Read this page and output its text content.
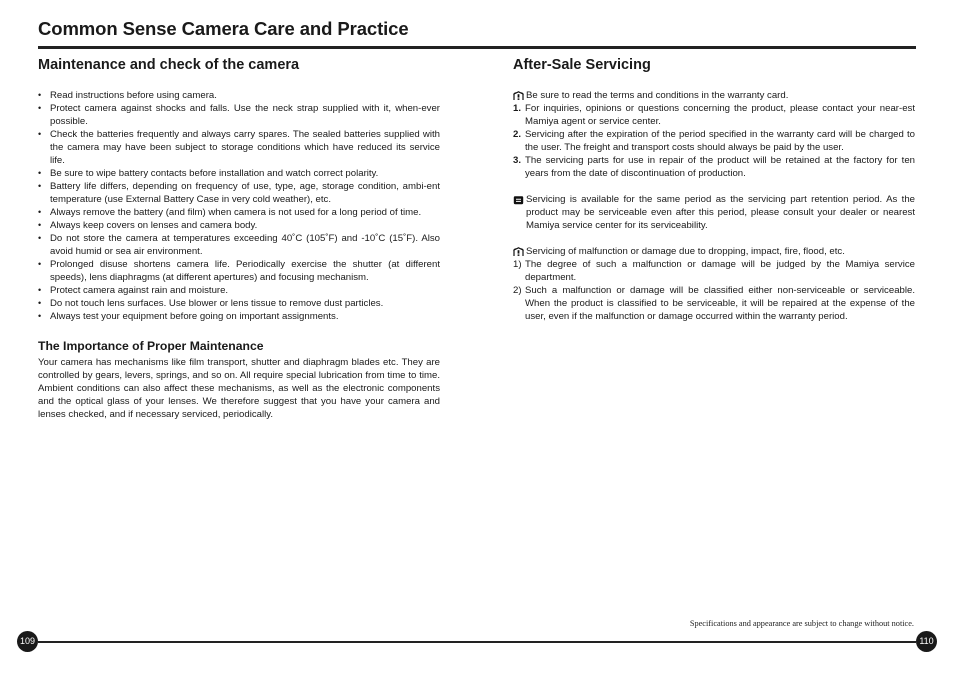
Common Sense Camera Care and Practice
Maintenance and check of the camera
• Read instructions before using camera.
• Protect camera against shocks and falls. Use the neck strap supplied with it, when-ever possible.
• Check the batteries frequently and always carry spares. The sealed batteries supplied with the camera may have been subject to storage conditions which have reduced its service life.
• Be sure to wipe battery contacts before installation and watch correct polarity.
• Battery life differs, depending on frequency of use, type, age, storage condition, ambi-ent temperature (use External Battery Case in very cold weather), etc.
• Always remove the battery (and film) when camera is not used for a long period of time.
• Always keep covers on lenses and camera body.
• Do not store the camera at temperatures exceeding 40˚C (105˚F) and -10˚C (15˚F). Also avoid humid or sea air environment.
• Prolonged disuse shortens camera life. Periodically exercise the shutter (at different speeds), lens diaphragms (at different apertures) and focusing mechanism.
• Protect camera against rain and moisture.
• Do not touch lens surfaces. Use blower or lens tissue to remove dust particles.
• Always test your equipment before going on important assignments.
The Importance of Proper Maintenance

Your camera has mechanisms like film transport, shutter and diaphragm blades etc. They are controlled by gears, levers, springs, and so on. All require special lubrication from time to time. Ambient conditions can also affect these mechanisms, as well as the electronic components and the optical glass of your lenses. We therefore suggest that you have your camera and lenses checked, and if necessary serviced, periodically.

After-Sale Servicing
Be sure to read the terms and conditions in the warranty card.
1. For inquiries, opinions or questions concerning the product, please contact your near-est Mamiya agent or service center.
2. Servicing after the expiration of the period specified in the warranty card will be charged to the user. The freight and transport costs should always be paid by the user.
3. The servicing parts for use in repair of the product will be retained at the factory for ten years from the date of discontinuation of production.
Servicing is available for the same period as the servicing part retention period. As the product may be serviceable even after this period, please consult your dealer or nearest Mamiya service center for its serviceability.
Servicing of malfunction or damage due to dropping, impact, fire, flood, etc.
1) The degree of such a malfunction or damage will be judged by the Mamiya service department.
2) Such a malfunction or damage will be classified either non-serviceable or serviceable. When the product is classified to be serviceable, it will be repaired at the expense of the user, even if the malfunction or damage occurred within the warranty period.
Specifications and appearance are subject to change without notice.
109	110
